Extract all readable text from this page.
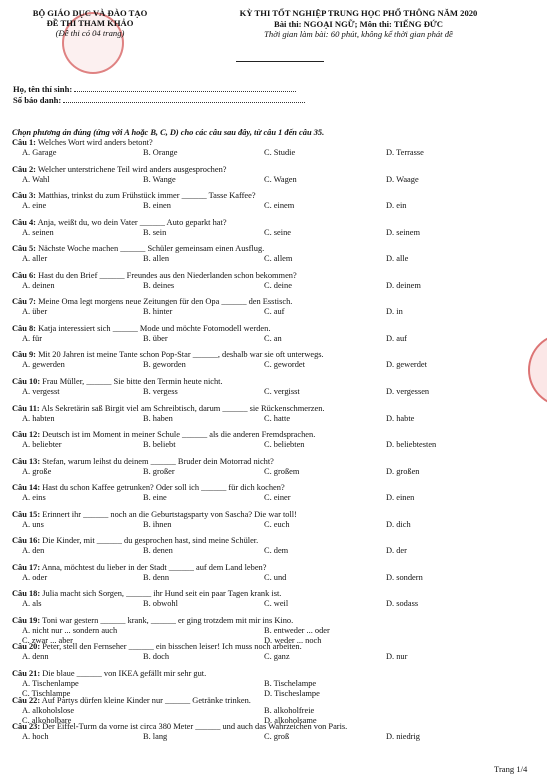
BỘ GIÁO DỤC VÀ ĐÀO TẠO
ĐỀ THI THAM KHẢO
(Đề thi có 04 trang)
KỲ THI TỐT NGHIỆP TRUNG HỌC PHỔ THÔNG NĂM 2020
Bài thi: NGOẠI NGỮ; Môn thi: TIẾNG ĐỨC
Thời gian làm bài: 60 phút, không kể thời gian phát đề
Họ, tên thí sinh:
Số báo danh:
Chọn phương án đúng (ứng với A hoặc B, C, D) cho các câu sau đây, từ câu 1 đến câu 35.
Câu 1: Welches Wort wird anders betont?
A. Garage	B. Orange	C. Studie	D. Terrasse
Câu 2: Welcher unterstrichene Teil wird anders ausgesprochen?
A. Wahl	B. Wange	C. Wagen	D. Waage
Câu 3: Matthias, trinkst du zum Frühstück immer ______ Tasse Kaffee?
A. eine	B. einen	C. einem	D. ein
Câu 4: Anja, weißt du, wo dein Vater ______ Auto geparkt hat?
A. seinen	B. sein	C. seine	D. seinem
Câu 5: Nächste Woche machen ______ Schüler gemeinsam einen Ausflug.
A. aller	B. allen	C. allem	D. alle
Câu 6: Hast du den Brief ______ Freundes aus den Niederlanden schon bekommen?
A. deinen	B. deines	C. deine	D. deinem
Câu 7: Meine Oma legt morgens neue Zeitungen für den Opa ______ den Esstisch.
A. über	B. hinter	C. auf	D. in
Câu 8: Katja interessiert sich ______ Mode und möchte Fotomodell werden.
A. für	B. über	C. an	D. auf
Câu 9: Mit 20 Jahren ist meine Tante schon Pop-Star ______, deshalb war sie oft unterwegs.
A. gewerden	B. geworden	C. gewordet	D. gewerdet
Câu 10: Frau Müller, ______ Sie bitte den Termin heute nicht.
A. vergesst	B. vergess	C. vergisst	D. vergessen
Câu 11: Als Sekretärin saß Birgit viel am Schreibtisch, darum ______ sie Rückenschmerzen.
A. habten	B. haben	C. hatte	D. habte
Câu 12: Deutsch ist im Moment in meiner Schule ______ als die anderen Fremdsprachen.
A. beliebter	B. beliebt	C. beliebten	D. beliebtesten
Câu 13: Stefan, warum leihst du deinem ______ Bruder dein Motorrad nicht?
A. große	B. großer	C. großem	D. großen
Câu 14: Hast du schon Kaffee getrunken? Oder soll ich ______ für dich kochen?
A. eins	B. eine	C. einer	D. einen
Câu 15: Erinnert ihr ______ noch an die Geburtstagsparty von Sascha? Die war toll!
A. uns	B. ihnen	C. euch	D. dich
Câu 16: Die Kinder, mit ______ du gesprochen hast, sind meine Schüler.
A. den	B. denen	C. dem	D. der
Câu 17: Anna, möchtest du lieber in der Stadt ______ auf dem Land leben?
A. oder	B. denn	C. und	D. sondern
Câu 18: Julia macht sich Sorgen, ______ ihr Hund seit ein paar Tagen krank ist.
A. als	B. obwohl	C. weil	D. sodass
Câu 19: Toni war gestern ______ krank, ______ er ging trotzdem mit mir ins Kino.
A. nicht nur ... sondern auch	B. entweder ... oder
C. zwar ... aber	D. weder ... noch
Câu 20: Peter, stell den Fernseher ______ ein bisschen leiser! Ich muss noch arbeiten.
A. denn	B. doch	C. ganz	D. nur
Câu 21: Die blaue ______ von IKEA gefällt mir sehr gut.
A. Tischenlampe	B. Tischelampe
C. Tischlampe	D. Tischeslampe
Câu 22: Auf Partys dürfen kleine Kinder nur ______ Getränke trinken.
A. alkoholslose	B. alkoholfreie
C. alkoholbare	D. alkoholsame
Câu 23: Der Eiffel-Turm da vorne ist circa 380 Meter ______ und auch das Wahrzeichen von Paris.
A. hoch	B. lang	C. groß	D. niedrig
Trang 1/4
